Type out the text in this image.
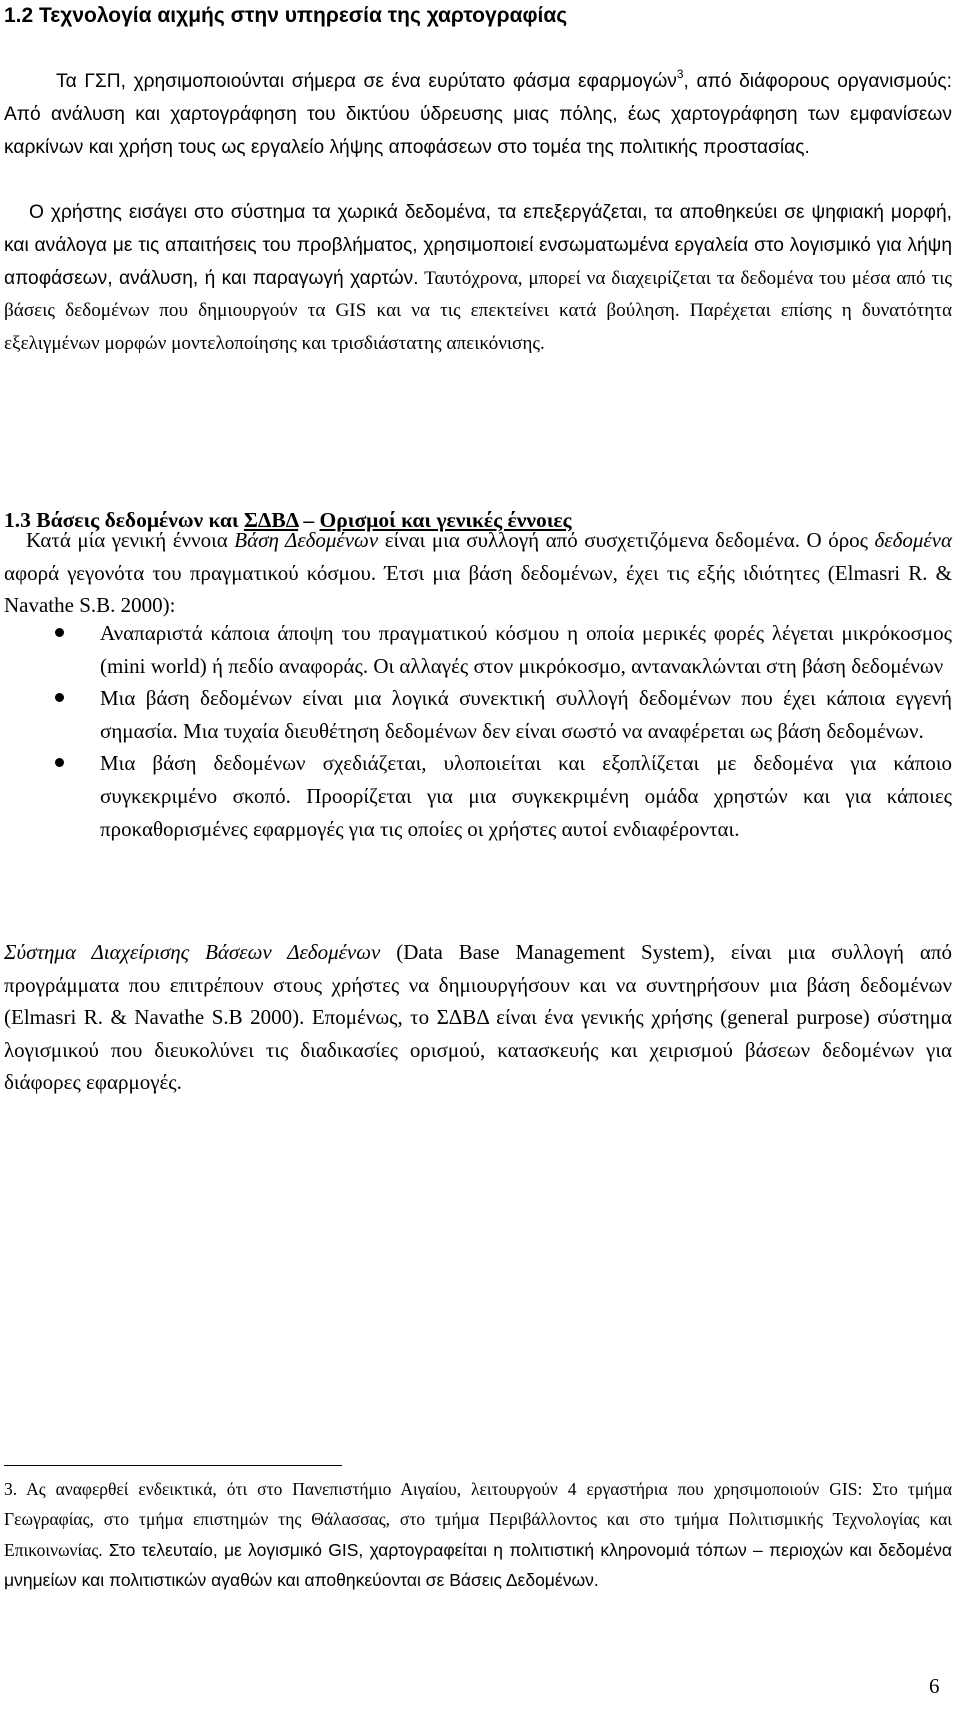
1.2 Τεχνολογία αιχμής στην υπηρεσία της χαρτογραφίας

Τα ΓΣΠ, χρησιμοποιούνται σήμερα σε ένα ευρύτατο φάσμα εφαρμογών$^3$, από διάφορους οργανισμούς: Από ανάλυση και χαρτογράφηση του δικτύου ύδρευσης μιας πόλης, έως χαρτογράφηση των εμφανίσεων καρκίνων και χρήση τους ως εργαλείο λήψης αποφάσεων στο τομέα της πολιτικής προστασίας.

Ο χρήστης εισάγει στο σύστημα τα χωρικά δεδομένα, τα επεξεργάζεται, τα αποθηκεύει σε ψηφιακή μορφή, και ανάλογα με τις απαιτήσεις του προβλήματος, χρησιμοποιεί ενσωματωμένα εργαλεία στο λογισμικό για λήψη αποφάσεων, ανάλυση, ή και παραγωγή χαρτών. Ταυτόχρονα, μπορεί να διαχειρίζεται τα δεδομένα του μέσα από τις βάσεις δεδομένων που δημιουργούν τα GIS και να τις επεκτείνει κατά βούληση. Παρέχεται επίσης η δυνατότητα εξελιγμένων μορφών μοντελοποίησης και τρισδιάστατης απεικόνισης.

1.3 Βάσεις δεδομένων και ΣΔΒΔ – Ορισμοί και γενικές έννοιες

Κατά μία γενική έννοια Βάση Δεδομένων είναι μια συλλογή από συσχετιζόμενα δεδομένα. Ο όρος δεδομένα αφορά γεγονότα του πραγματικού κόσμου. Έτσι μια βάση δεδομένων, έχει τις εξής ιδιότητες (Elmasri R. & Navathe S.B. 2000):

Αναπαριστά κάποια άποψη του πραγματικού κόσμου η οποία μερικές φορές λέγεται μικρόκοσμος (mini world) ή πεδίο αναφοράς. Οι αλλαγές στον μικρόκοσμο, αντανακλώνται στη βάση δεδομένων
Μια βάση δεδομένων είναι μια λογικά συνεκτική συλλογή δεδομένων που έχει κάποια εγγενή σημασία. Μια τυχαία διευθέτηση δεδομένων δεν είναι σωστό να αναφέρεται ως βάση δεδομένων.
Μια βάση δεδομένων σχεδιάζεται, υλοποιείται και εξοπλίζεται με δεδομένα για κάποιο συγκεκριμένο σκοπό. Προορίζεται για μια συγκεκριμένη ομάδα χρηστών και για κάποιες προκαθορισμένες εφαρμογές για τις οποίες οι χρήστες αυτοί ενδιαφέρονται.

Σύστημα Διαχείρισης Βάσεων Δεδομένων (Data Base Management System), είναι μια συλλογή από προγράμματα που επιτρέπουν στους χρήστες να δημιουργήσουν και να συντηρήσουν μια βάση δεδομένων (Elmasri R. & Navathe S.B 2000). Επομένως, το ΣΔΒΔ είναι ένα γενικής χρήσης (general purpose) σύστημα λογισμικού που διευκολύνει τις διαδικασίες ορισμού, κατασκευής και χειρισμού βάσεων δεδομένων για διάφορες εφαρμογές.

3. Ας αναφερθεί ενδεικτικά, ότι στο Πανεπιστήμιο Αιγαίου, λειτουργούν 4 εργαστήρια που χρησιμοποιούν GIS: Στο τμήμα Γεωγραφίας, στο τμήμα επιστημών της Θάλασσας, στο τμήμα Περιβάλλοντος και στο τμήμα Πολιτισμικής Τεχνολογίας και Επικοινωνίας. Στο τελευταίο, με λογισμικό GIS, χαρτογραφείται η πολιτιστική κληρονομιά τόπων – περιοχών και δεδομένα μνημείων και πολιτιστικών αγαθών και αποθηκεύονται σε Βάσεις Δεδομένων.

6
